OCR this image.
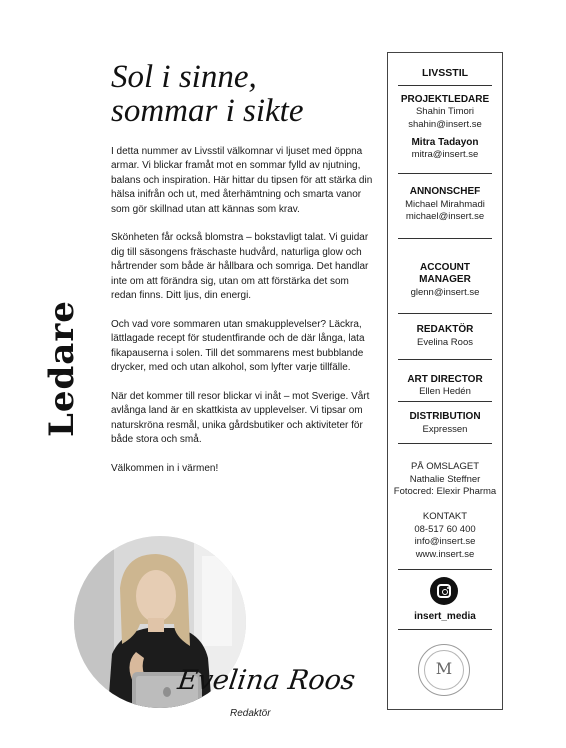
Ledare
Sol i sinne,
sommar i sikte

I detta nummer av Livsstil välkomnar vi ljuset med öppna armar. Vi blickar framåt mot en sommar fylld av njutning, balans och inspiration. Här hittar du tipsen för att stärka din hälsa inifrån och ut, med återhämtning och smarta vanor som gör skillnad utan att kännas som krav.

Skönheten får också blomstra – bokstavligt talat. Vi guidar dig till säsongens fräschaste hudvård, naturliga glow och hårtrender som både är hållbara och somriga. Det handlar inte om att förändra sig, utan om att förstärka det som redan finns. Ditt ljus, din energi.

Och vad vore sommaren utan smakupplevelser? Läckra, lättlagade recept för studentfirande och de där långa, lata fikapauserna i solen. Till det sommarens mest bubblande drycker, med och utan alkohol, som lyfter varje tillfälle.

När det kommer till resor blickar vi inåt – mot Sverige. Vårt avlånga land är en skattkista av upplevelser. Vi tipsar om naturskröna resmål, unika gårdsbutiker och aktiviteter för både stora och små.

Välkommen in i värmen!

Evelina Roos
Redaktör
LIVSSTIL
PROJEKTLEDARE
Shahin Timori
shahin@insert.se
Mitra Tadayon
mitra@insert.se
ANNONSCHEF
Michael Mirahmadi
michael@insert.se
ACCOUNT
MANAGER
glenn@insert.se
REDAKTÖR
Evelina Roos
ART DIRECTOR
Ellen Hedén
DISTRIBUTION
Expressen
PÅ OMSLAGET
Nathalie Steffner
Fotocred: Elexir Pharma
KONTAKT
08-517 60 400
info@insert.se
www.insert.se
insert_media
M
